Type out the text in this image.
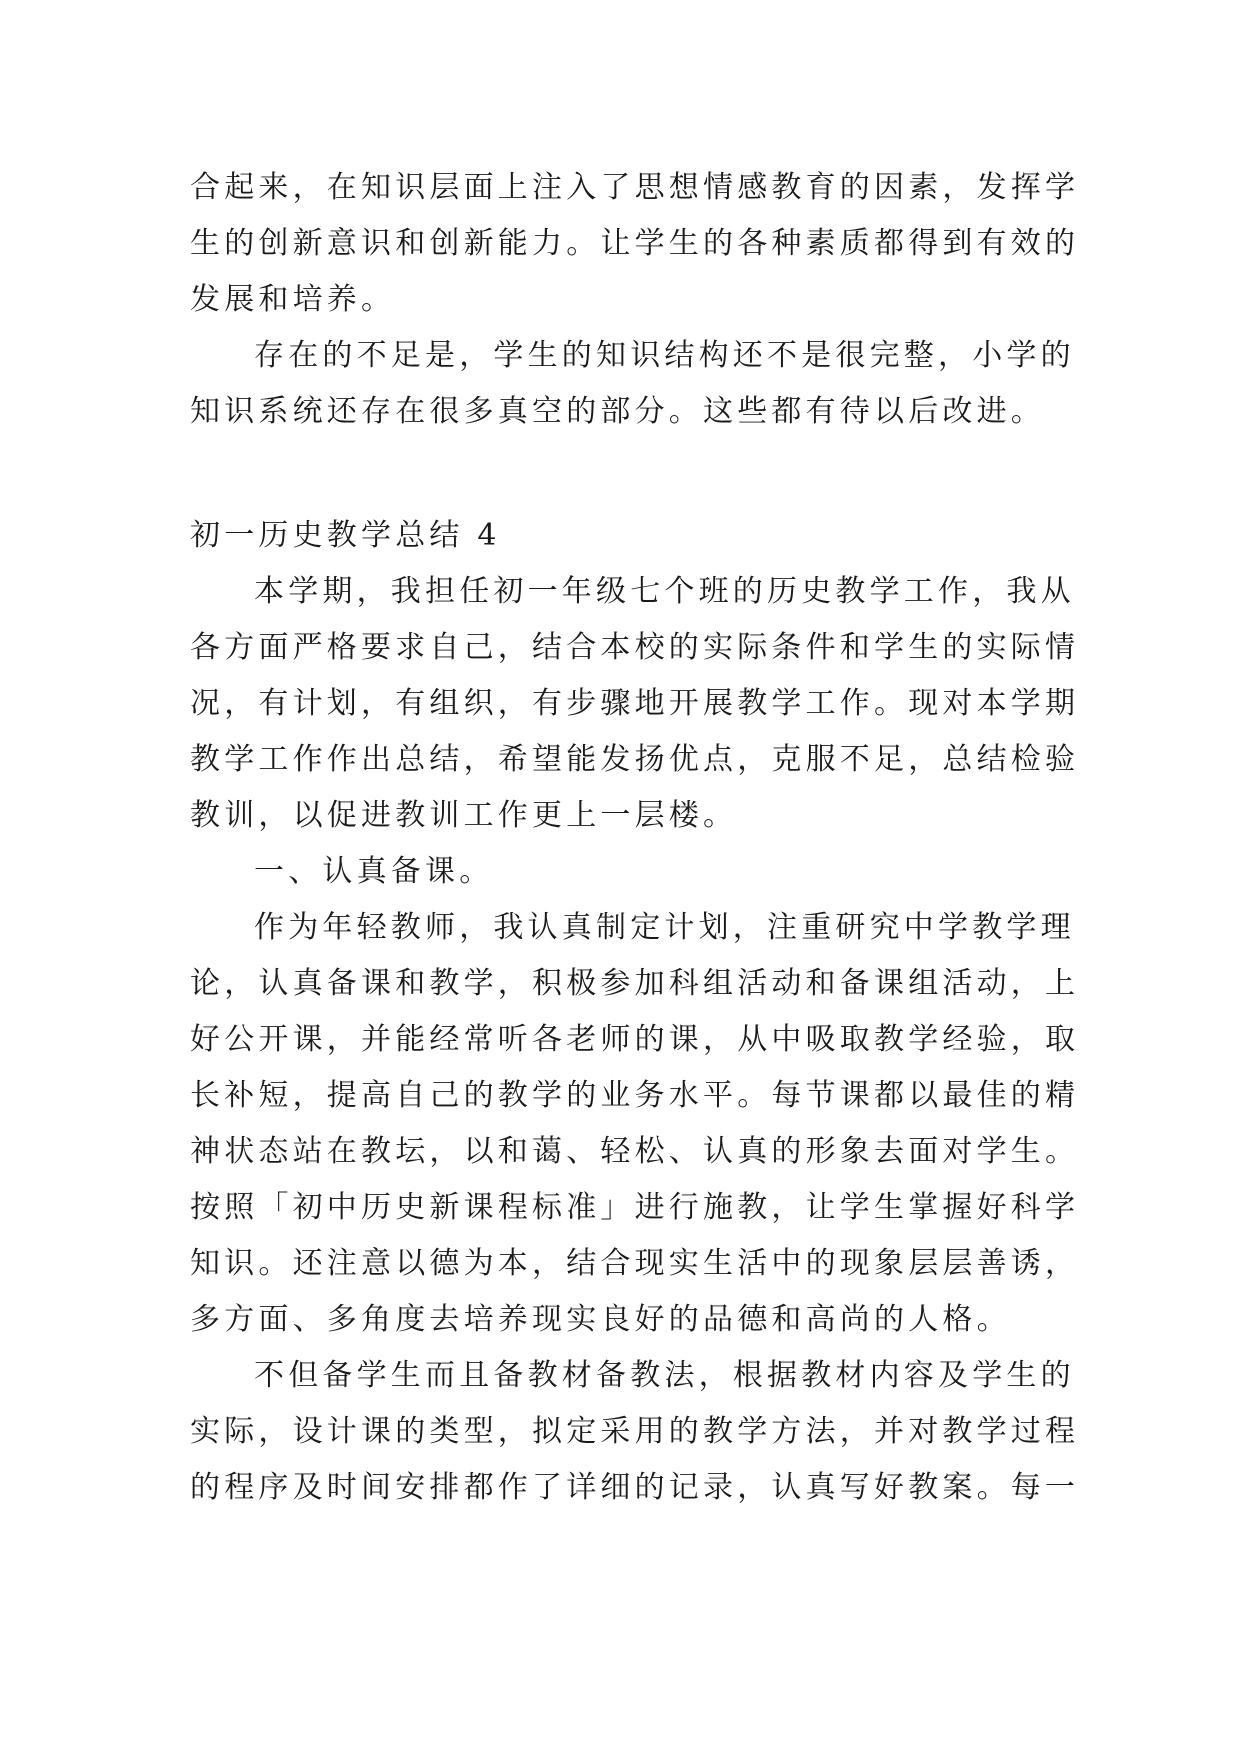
合起来，在知识层面上注入了思想情感教育的因素，发挥学
生的创新意识和创新能力。让学生的各种素质都得到有效的
发展和培养。
存在的不足是，学生的知识结构还不是很完整，小学的
知识系统还存在很多真空的部分。这些都有待以后改进。
初一历史教学总结 4
本学期，我担任初一年级七个班的历史教学工作，我从
各方面严格要求自己，结合本校的实际条件和学生的实际情
况，有计划，有组织，有步骤地开展教学工作。现对本学期
教学工作作出总结，希望能发扬优点，克服不足，总结检验
教训，以促进教训工作更上一层楼。
一、认真备课。
作为年轻教师，我认真制定计划，注重研究中学教学理
论，认真备课和教学，积极参加科组活动和备课组活动，上
好公开课，并能经常听各老师的课，从中吸取教学经验，取
长补短，提高自己的教学的业务水平。每节课都以最佳的精
神状态站在教坛，以和蔼、轻松、认真的形象去面对学生。
按照「初中历史新课程标准」进行施教，让学生掌握好科学
知识。还注意以德为本，结合现实生活中的现象层层善诱，
多方面、多角度去培养现实良好的品德和高尚的人格。
不但备学生而且备教材备教法，根据教材内容及学生的
实际，设计课的类型，拟定采用的教学方法，并对教学过程
的程序及时间安排都作了详细的记录，认真写好教案。每一
